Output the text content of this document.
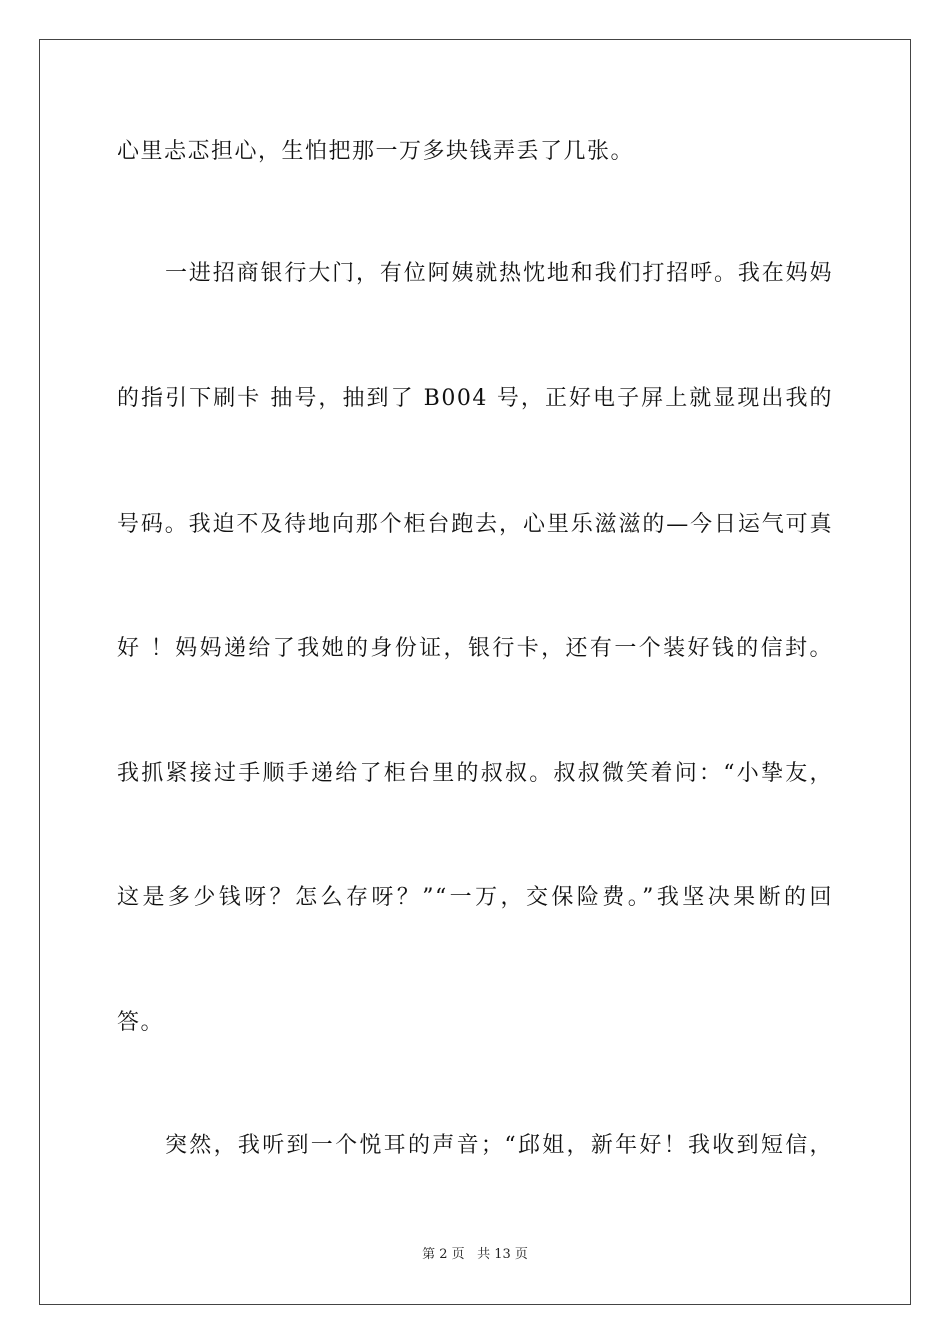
心里忐忑担心，生怕把那一万多块钱弄丢了几张。
一进招商银行大门，有位阿姨就热忱地和我们打招呼。我在妈妈
的指引下刷卡 抽号，抽到了 B004 号，正好电子屏上就显现出我的
号码。我迫不及待地向那个柜台跑去，心里乐滋滋的—今日运气可真
好 ！妈妈递给了我她的身份证，银行卡，还有一个装好钱的信封。
我抓紧接过手顺手递给了柜台里的叔叔。叔叔微笑着问：“小挚友，
这是多少钱呀？怎么存呀？”“一万，交保险费。”我坚决果断的回
答。
突然，我听到一个悦耳的声音；“邱姐，新年好！我收到短信，
第 2 页 共 13 页
